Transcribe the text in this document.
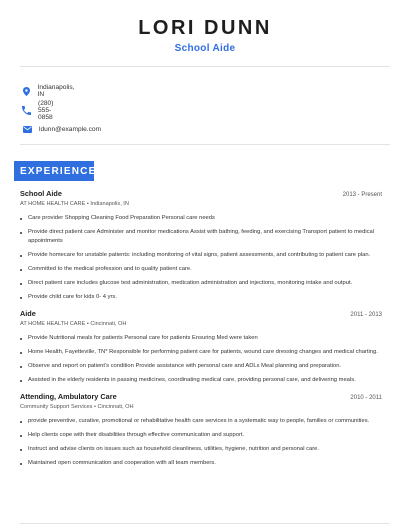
LORI DUNN
School Aide
Indianapolis, IN
(280) 555-0858
ldunn@example.com
EXPERIENCE
School Aide	2013 - Present
AT HOME HEALTH CARE • Indianapolis, IN
Care provider Shopping Cleaning Food Preparation Personal care needs
Provide direct patient care Administer and monitor medications Assist with bathing, feeding, and exercising Transport patient to medical appointments
Provide homecare for unstable patients: including monitoring of vital signs, patient assessments, and contributing to patient care plan.
Committed to the medical profession and to quality patient care.
Direct patient care includes glucose test administration, medication administration and injections, monitoring intake and output.
Provide child care for kids 0- 4 yrs.
Aide	2011 - 2013
AT HOME HEALTH CARE • Cincinnati, OH
Provide Nutritional meals for patients Personal care for patients Ensuring Med were taken
Home Health, Fayetteville, TN* Responsible for performing patient care for patients, wound care dressing changes and medical charting.
Observe and report on patient's condition Provide assistance with personal care and ADLs Meal planning and preparation.
Assisted in the elderly residents in passing medicines, coordinating medical care, providing personal care, and delivering meals.
Attending, Ambulatory Care	2010 - 2011
Community Support Services • Cincinnati, OH
provide preventive, curative, promotional or rehabilitative health care services in a systematic way to people, families or communities.
Help clients cope with their disabilities through effective communication and support.
Instruct and advise clients on issues such as household cleanliness, utilities, hygiene, nutrition and personal care.
Maintained open communication and cooperation with all team members.
